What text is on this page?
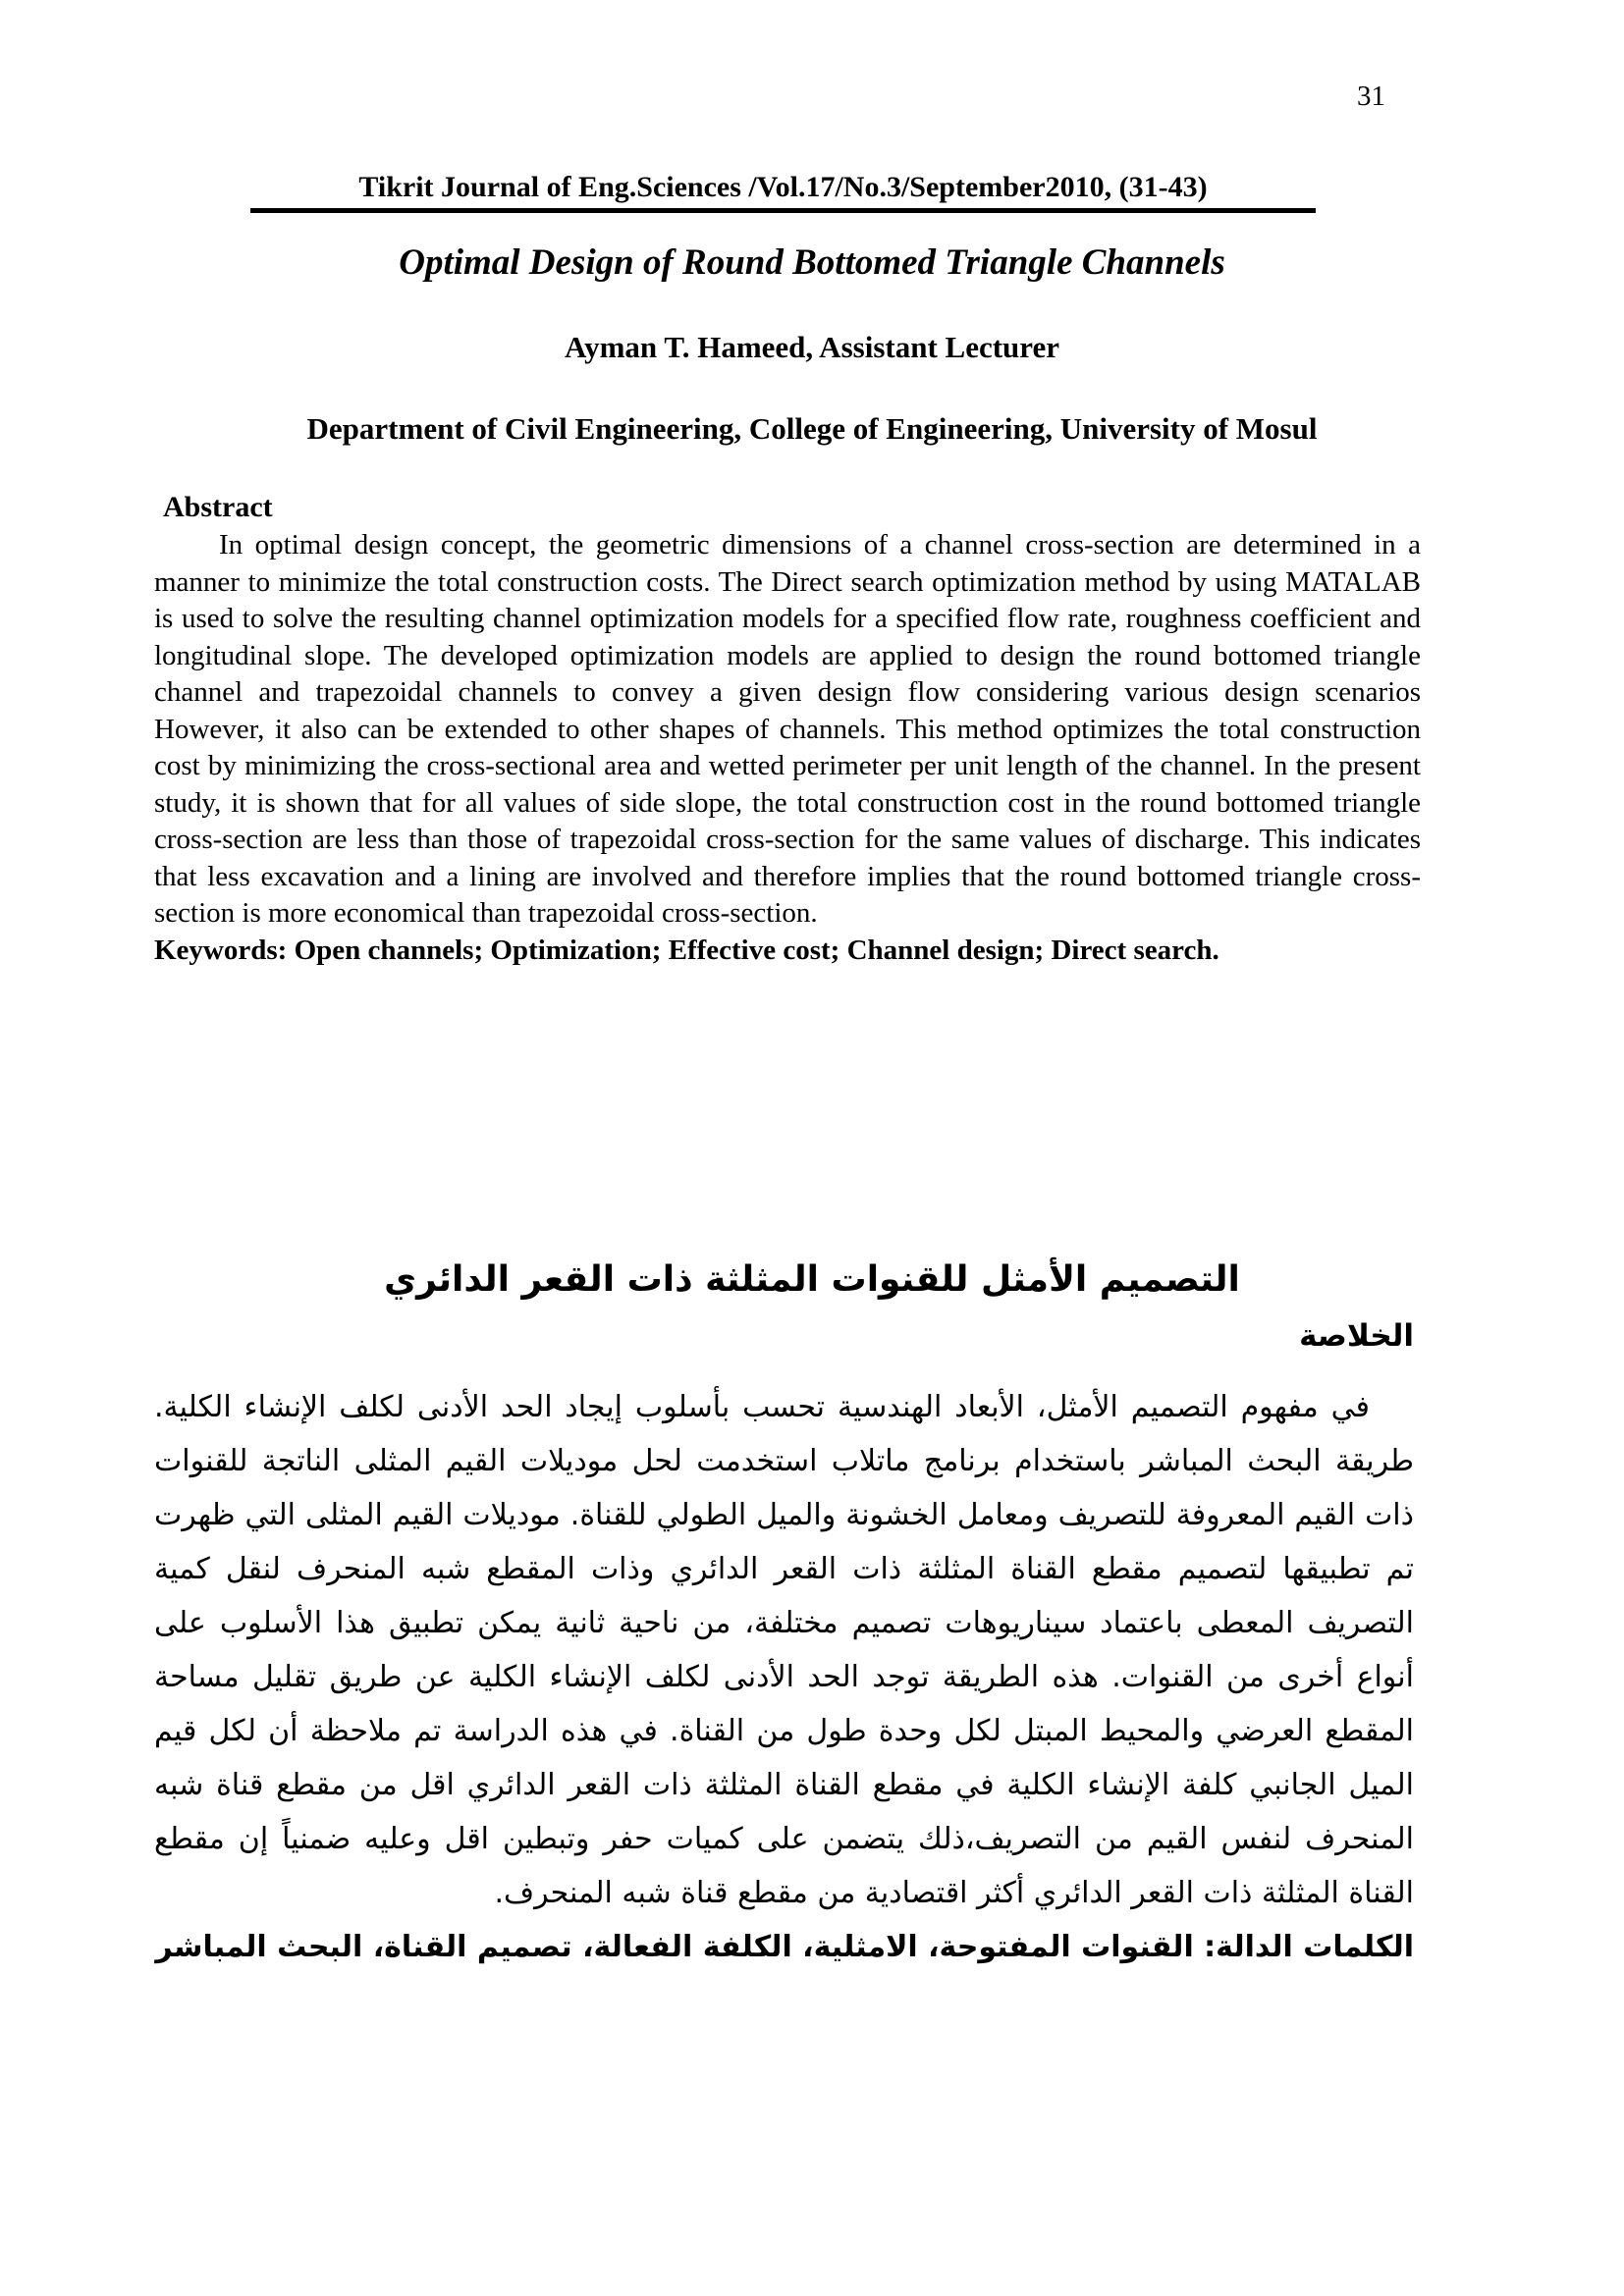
31
Tikrit Journal of Eng.Sciences /Vol.17/No.3/September2010, (31-43)
Optimal Design of Round Bottomed Triangle Channels
Ayman T. Hameed, Assistant Lecturer
Department of Civil Engineering, College of Engineering, University of Mosul
Abstract

In optimal design concept, the geometric dimensions of a channel cross-section are determined in a manner to minimize the total construction costs. The Direct search optimization method by using MATALAB is used to solve the resulting channel optimization models for a specified flow rate, roughness coefficient and longitudinal slope. The developed optimization models are applied to design the round bottomed triangle channel and trapezoidal channels to convey a given design flow considering various design scenarios However, it also can be extended to other shapes of channels. This method optimizes the total construction cost by minimizing the cross-sectional area and wetted perimeter per unit length of the channel. In the present study, it is shown that for all values of side slope, the total construction cost in the round bottomed triangle cross-section are less than those of trapezoidal cross-section for the same values of discharge. This indicates that less excavation and a lining are involved and therefore implies that the round bottomed triangle cross-section is more economical than trapezoidal cross-section.

Keywords: Open channels; Optimization; Effective cost; Channel design; Direct search.

التصميم الأمثل للقنوات المثلثة ذات القعر الدائري
الخلاصة

في مفهوم التصميم الأمثل، الأبعاد الهندسية تحسب بأسلوب إيجاد الحد الأدنى لكلف الإنشاء الكلية. طريقة البحث المباشر باستخدام برنامج ماتلاب استخدمت لحل موديلات القيم المثلى الناتجة للقنوات ذات القيم المعروفة للتصريف ومعامل الخشونة والميل الطولي للقناة. موديلات القيم المثلى التي ظهرت تم تطبيقها لتصميم مقطع القناة المثلثة ذات القعر الدائري وذات المقطع شبه المنحرف لنقل كمية التصريف المعطى باعتماد سيناريوهات تصميم مختلفة، من ناحية ثانية يمكن تطبيق هذا الأسلوب على أنواع أخرى من القنوات. هذه الطريقة توجد الحد الأدنى لكلف الإنشاء الكلية عن طريق تقليل مساحة المقطع العرضي والمحيط المبتل لكل وحدة طول من القناة. في هذه الدراسة تم ملاحظة أن لكل قيم الميل الجانبي كلفة الإنشاء الكلية في مقطع القناة المثلثة ذات القعر الدائري اقل من مقطع قناة شبه المنحرف لنفس القيم من التصريف،ذلك يتضمن على كميات حفر وتبطين اقل وعليه ضمنياً إن مقطع القناة المثلثة ذات القعر الدائري أكثر اقتصادية من مقطع قناة شبه المنحرف.

الكلمات الدالة: القنوات المفتوحة، الامثلية، الكلفة الفعالة، تصميم القناة، البحث المباشر
